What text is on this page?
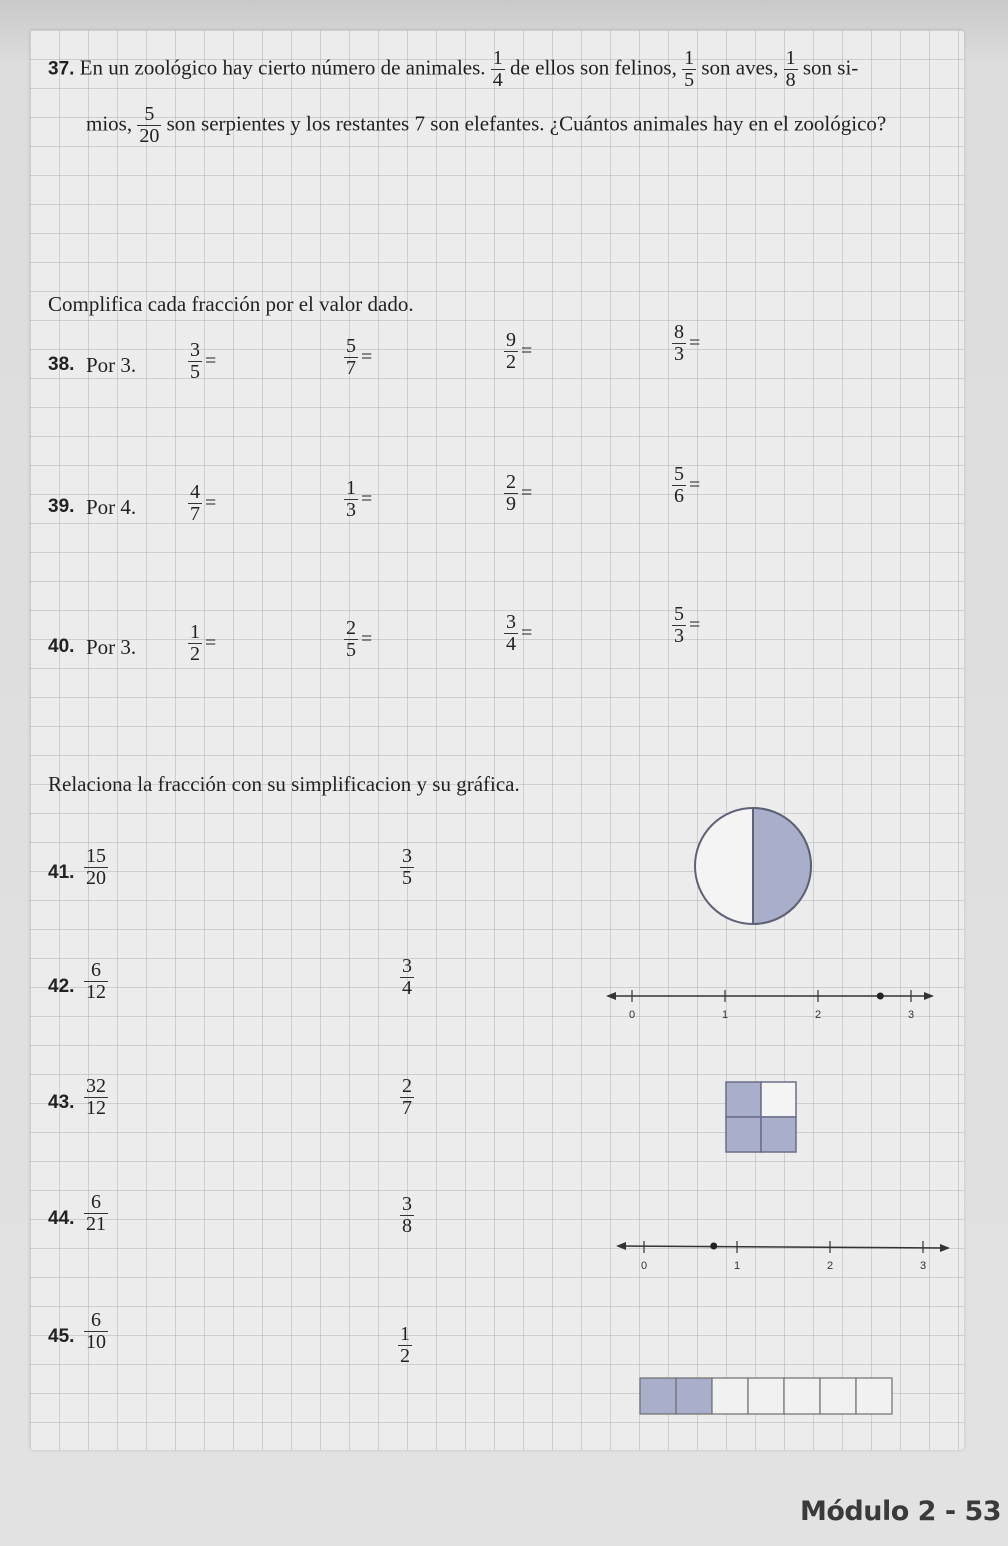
37. En un zoológico hay cierto número de animales. $\frac{1}{4}$ de ellos son felinos, $\frac{1}{5}$ son aves, $\frac{1}{8}$ son si-
mios, $\frac{5}{20}$ son serpientes y los restantes 7 son elefantes. ¿Cuántos animales hay en el zoológico?
Complifica cada fracción por el valor dado.
38. Por 3.	$\frac{3}{5}$ =	$\frac{5}{7}$ =	$\frac{9}{2}$ =	$\frac{8}{3}$ =
39. Por 4.	$\frac{4}{7}$ =	$\frac{1}{3}$ =	$\frac{2}{9}$ =	$\frac{5}{6}$ =
40. Por 3.	$\frac{1}{2}$ =	$\frac{2}{5}$ =	$\frac{3}{4}$ =	$\frac{5}{3}$ =
Relaciona la fracción con su simplificacion y su gráfica.
41. $\frac{15}{20}$	$\frac{3}{5}$
42. $\frac{6}{12}$	$\frac{3}{4}$
43. $\frac{32}{12}$	$\frac{2}{7}$
44. $\frac{6}{21}$	$\frac{3}{8}$
45. $\frac{6}{10}$	$\frac{1}{2}$
0	1	2	3
0	1	2	3
Módulo 2 - 53
